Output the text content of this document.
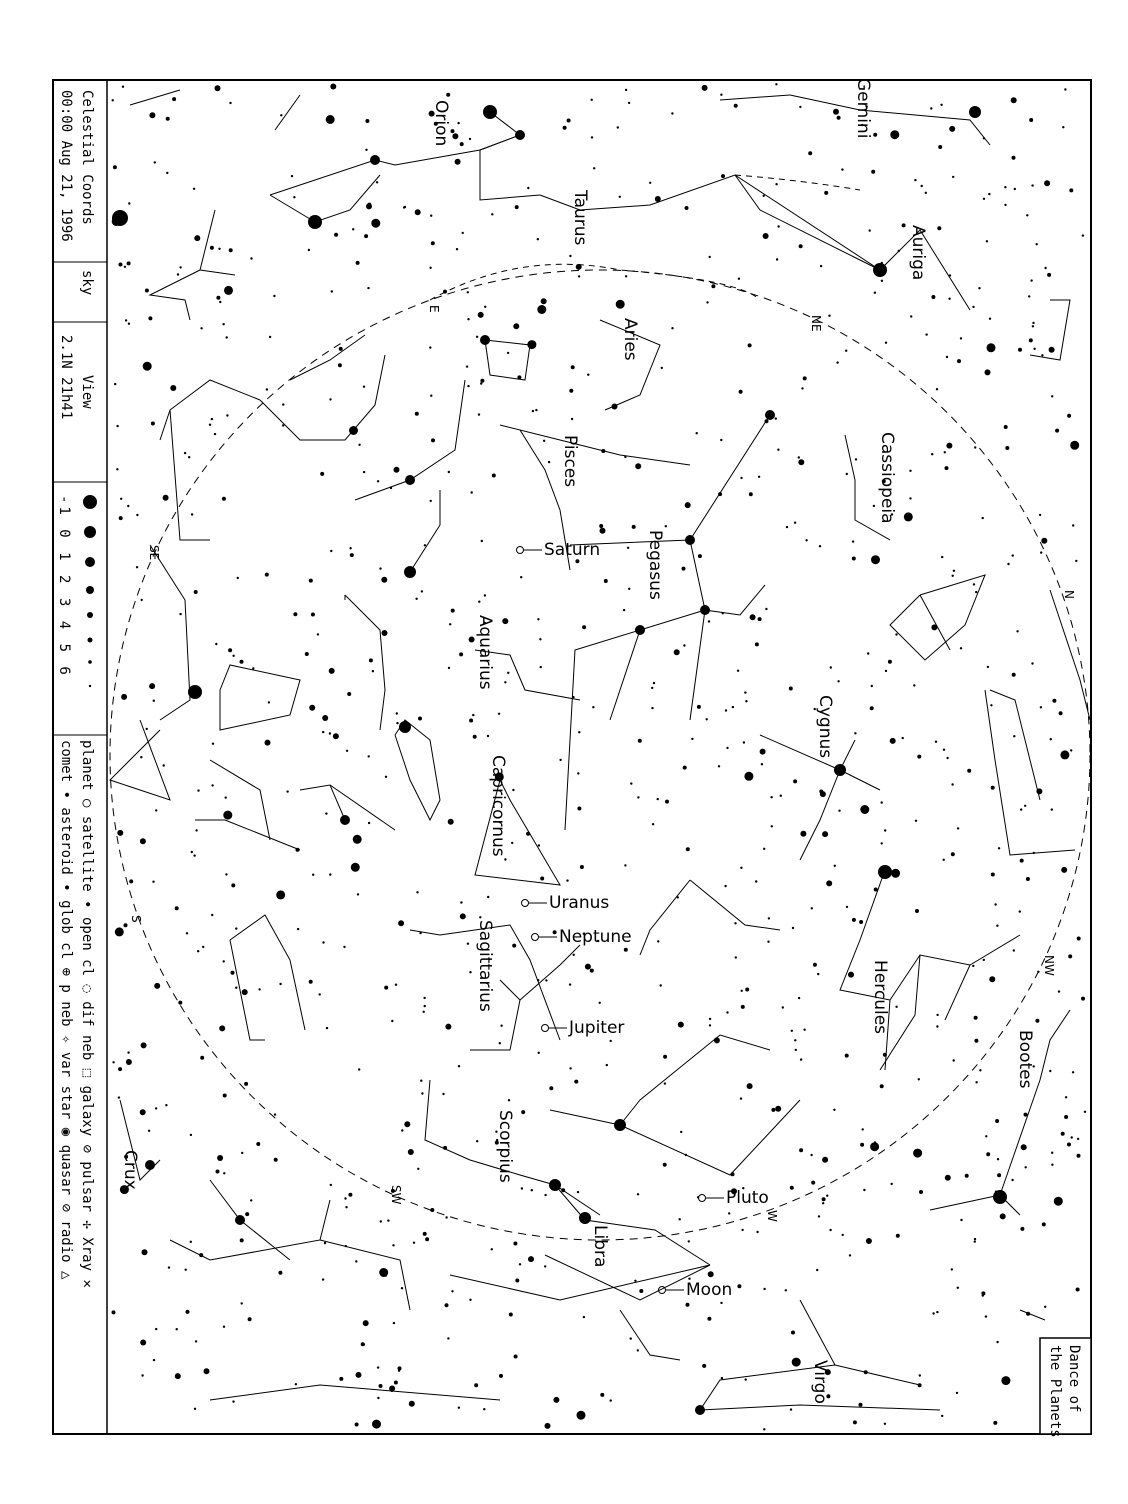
Celestial Coords
00:00 Aug 21, 1996
sky
View
2.1N 21h41
-1 0 1 2 3 4 5 6
planet ○ satellite • open cl ◌ dif neb ⬚ galaxy ⊘ pulsar ✢ Xray ✕
comet • asteroid • glob cl ⊕ p neb ✧ var star ◉ quasar ⊘ radio △
Dance of
the Planets
Orion
Taurus
Gemini
Auriga
Aries
Pisces	Cassiopeia
Pegasus
Aquarius
Cygnus
Capricornus
Sagittarius	Hercules
Bootes
Scorpius
Libra
Virgo
Crux
Saturn
Uranus
Neptune
Jupiter
Pluto
Moon
E
NE
N
NW
W
SW
S
SE
